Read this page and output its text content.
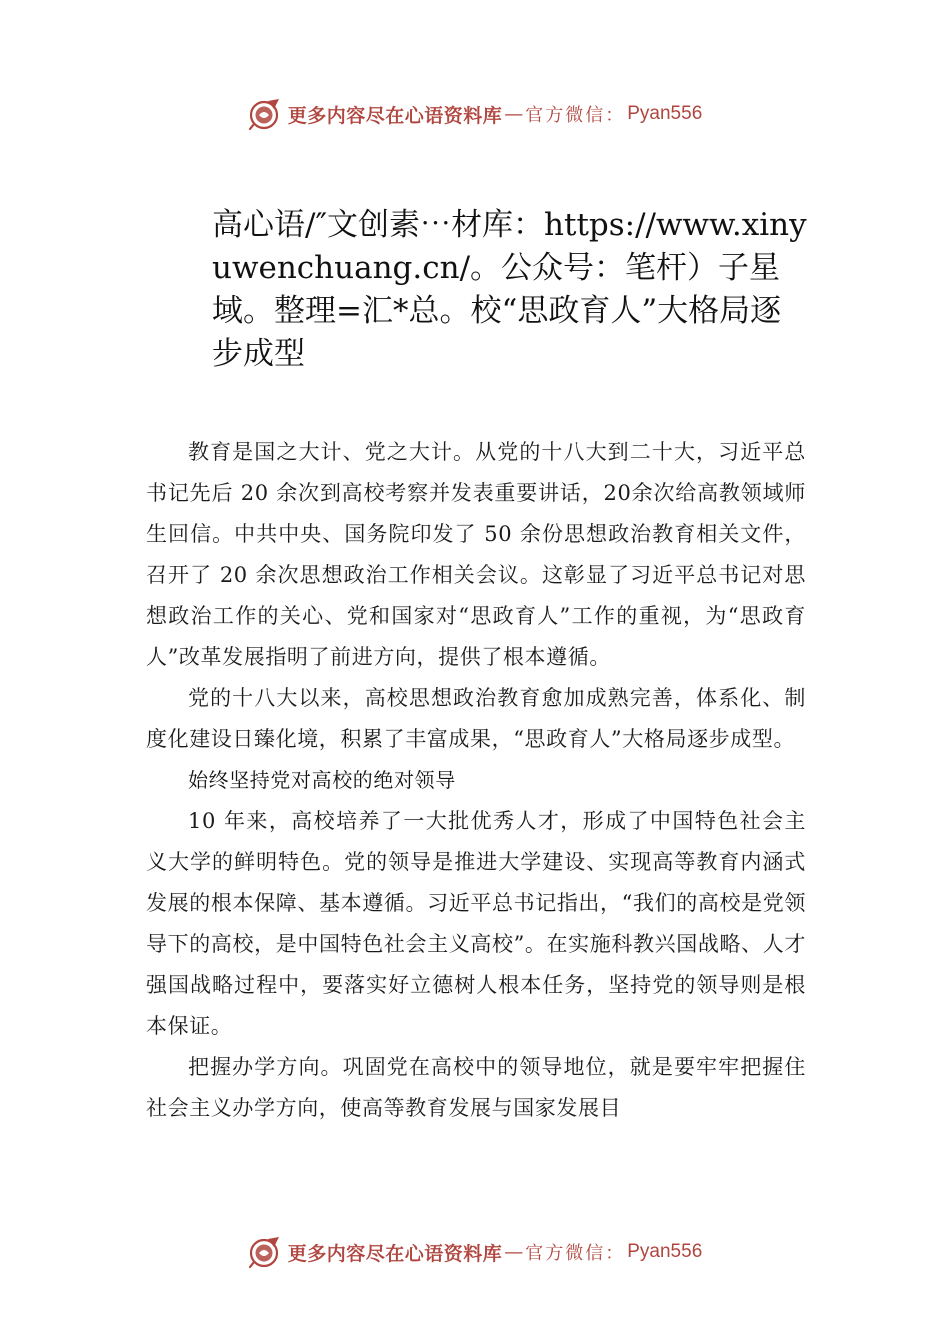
更多内容尽在心语资料库 — 官方微信： Pyan556
高心语/″文创素⋯材库：https://www.xinyuwenchuang.cn/。公众号：笔杆）子星域。整理=汇*总。校“思政育人”大格局逐步成型

教育是国之大计、党之大计。从党的十八大到二十大，习近平总书记先后 20 余次到高校考察并发表重要讲话，20余次给高教领域师生回信。中共中央、国务院印发了 50 余份思想政治教育相关文件，召开了 20 余次思想政治工作相关会议。这彰显了习近平总书记对思想政治工作的关心、党和国家对“思政育人”工作的重视，为“思政育人”改革发展指明了前进方向，提供了根本遵循。

党的十八大以来，高校思想政治教育愈加成熟完善，体系化、制度化建设日臻化境，积累了丰富成果，“思政育人”大格局逐步成型。

始终坚持党对高校的绝对领导

10 年来，高校培养了一大批优秀人才，形成了中国特色社会主义大学的鲜明特色。党的领导是推进大学建设、实现高等教育内涵式发展的根本保障、基本遵循。习近平总书记指出，“我们的高校是党领导下的高校，是中国特色社会主义高校”。在实施科教兴国战略、人才强国战略过程中，要落实好立德树人根本任务，坚持党的领导则是根本保证。

把握办学方向。巩固党在高校中的领导地位，就是要牢牢把握住社会主义办学方向，使高等教育发展与国家发展目

更多内容尽在心语资料库 — 官方微信： Pyan556
